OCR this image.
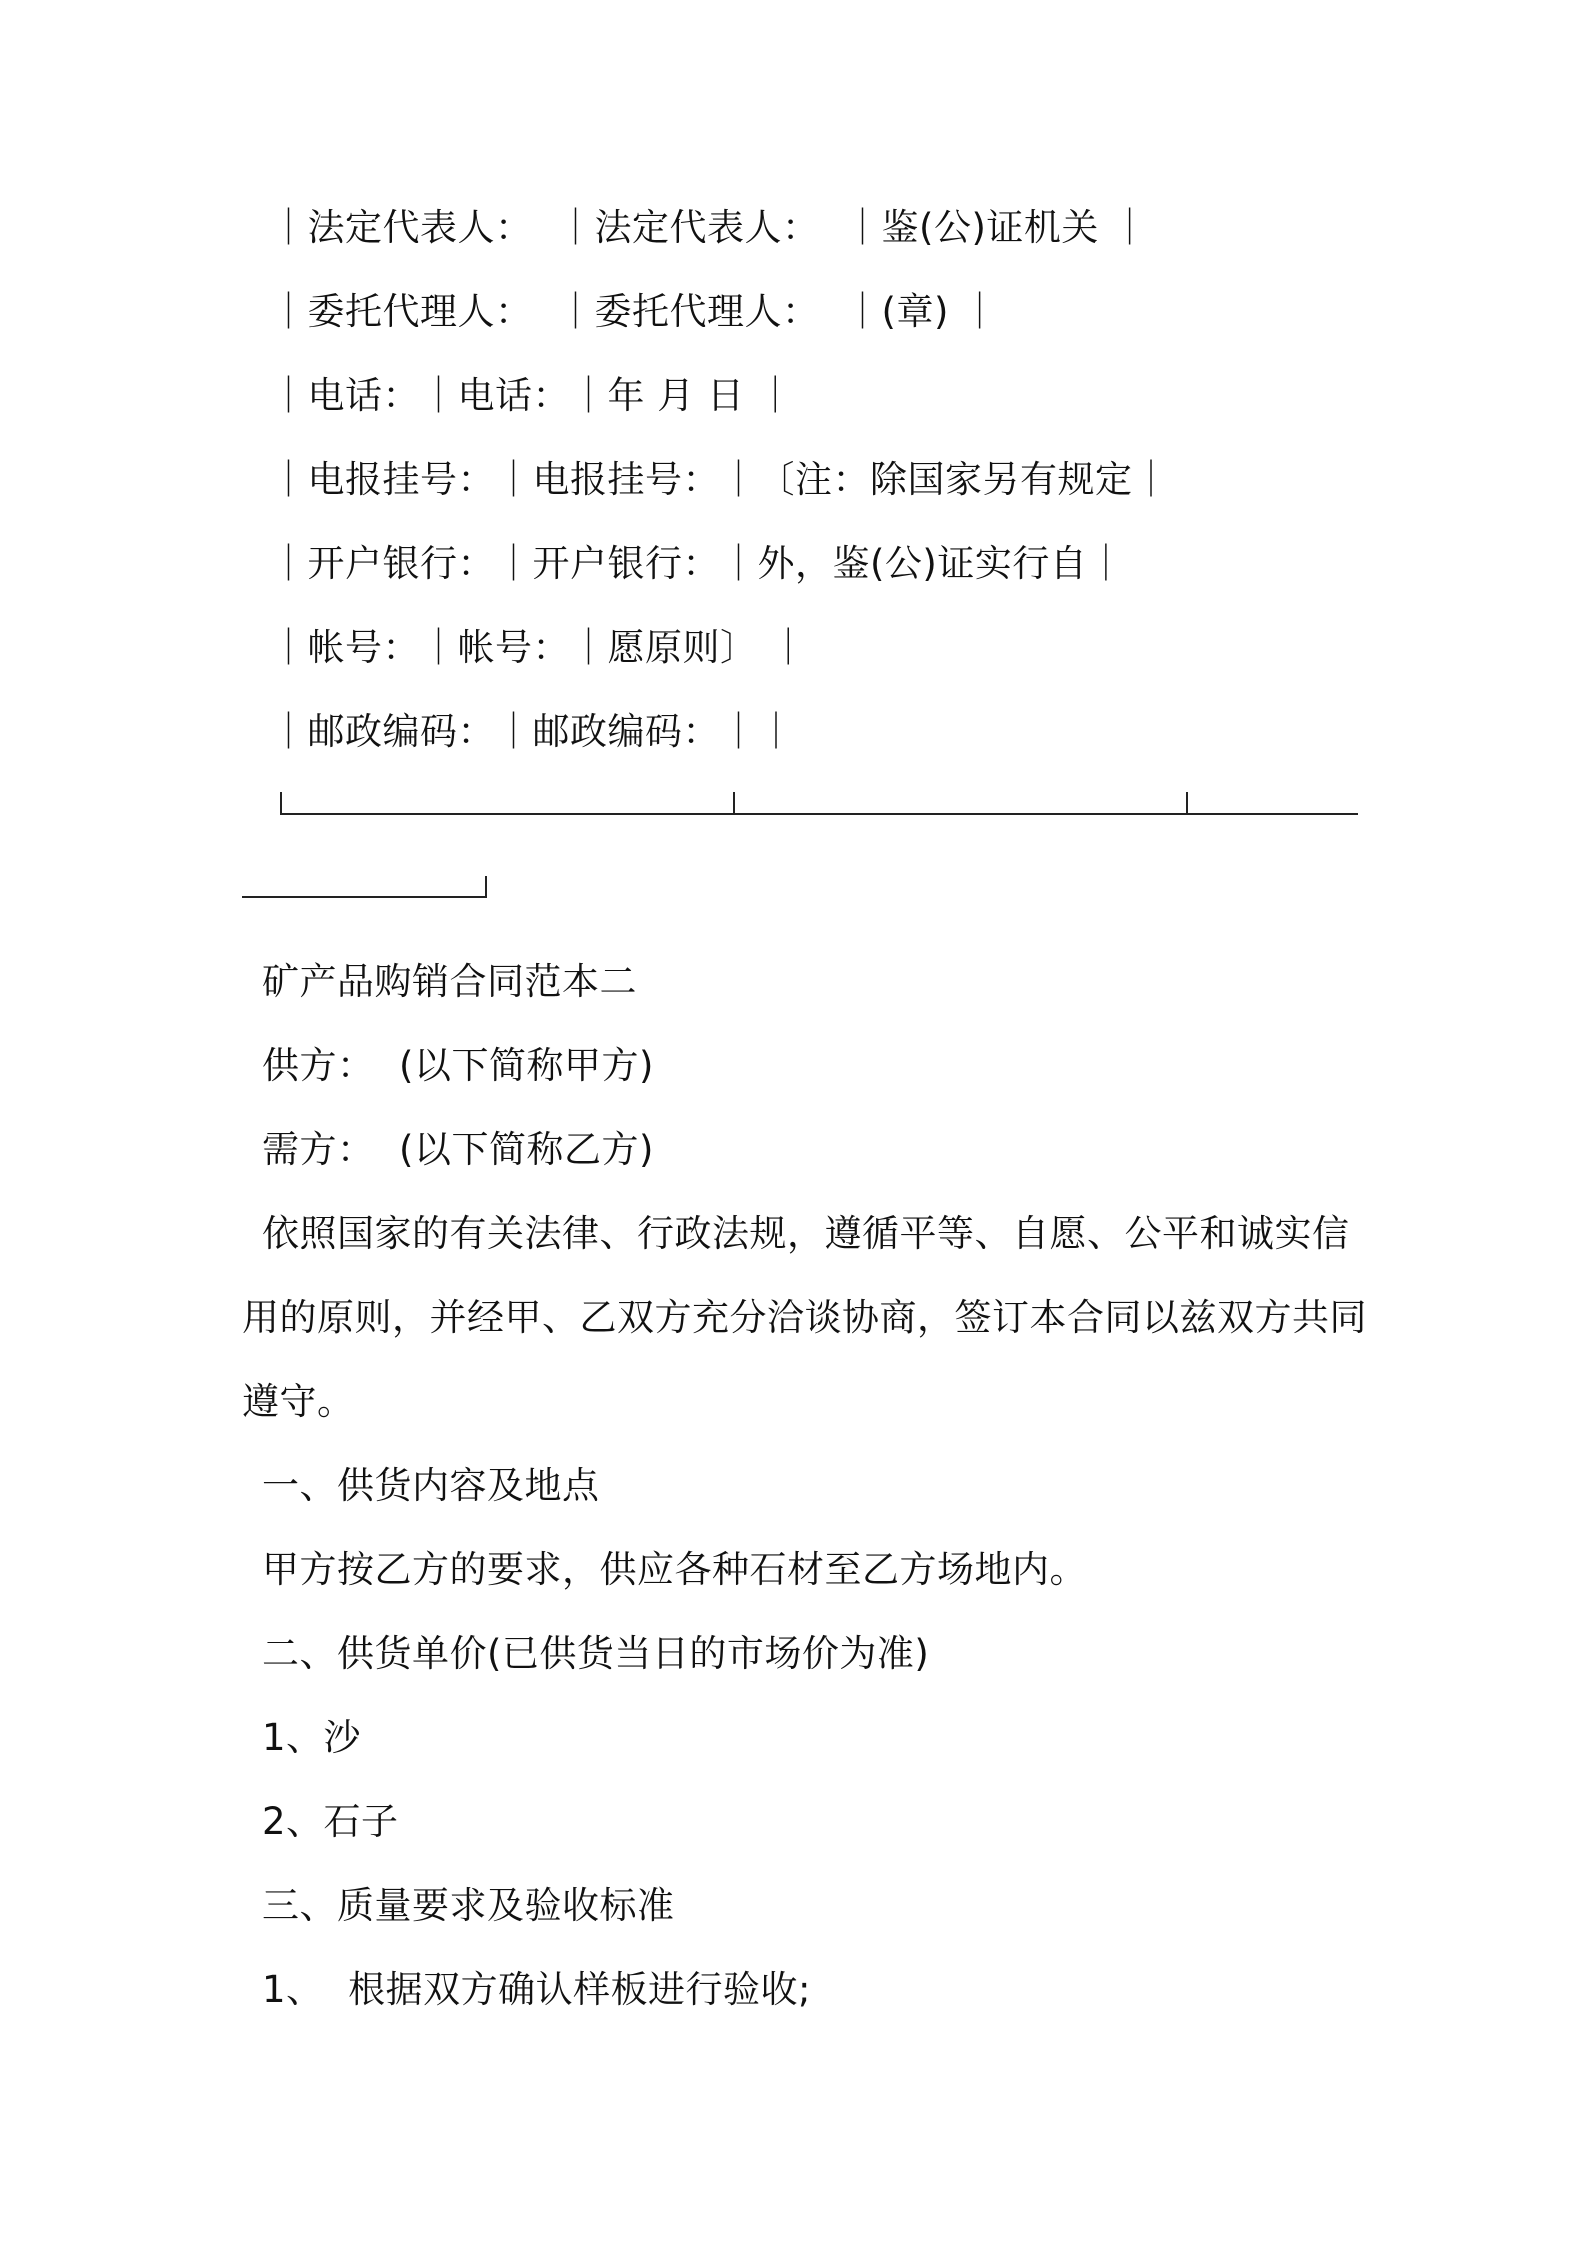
｜法定代表人：  ｜法定代表人：  ｜鉴(公)证机关 ｜
｜委托代理人：  ｜委托代理人：  ｜(章) ｜
｜电话：｜电话：｜年 月 日 ｜
｜电报挂号：｜电报挂号：｜〔注：除国家另有规定｜
｜开户银行：｜开户银行：｜外，鉴(公)证实行自｜
｜帐号：｜帐号：｜愿原则〕 ｜
｜邮政编码：｜邮政编码：｜｜
矿产品购销合同范本二
供方：  (以下简称甲方)
需方：  (以下简称乙方)
依照国家的有关法律、行政法规，遵循平等、自愿、公平和诚实信
用的原则，并经甲、乙双方充分洽谈协商，签订本合同以兹双方共同
遵守。
一、供货内容及地点
甲方按乙方的要求，供应各种石材至乙方场地内。
二、供货单价(已供货当日的市场价为准)
1、沙
2、石子
三、质量要求及验收标准
1、  根据双方确认样板进行验收;
